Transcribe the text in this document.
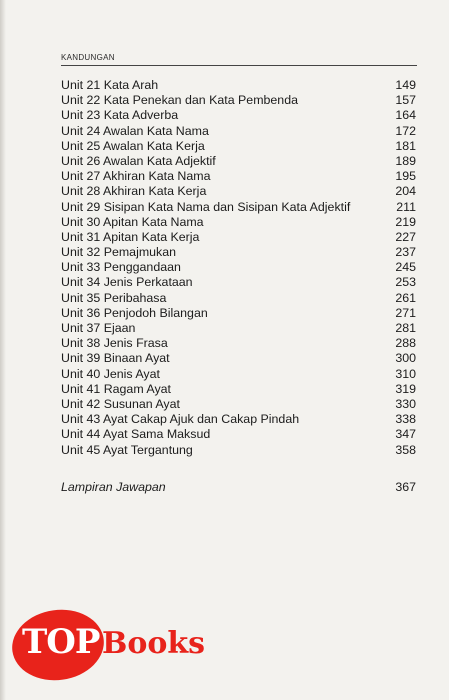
KANDUNGAN
Unit 21 Kata Arah	149
Unit 22 Kata Penekan dan Kata Pembenda	157
Unit 23 Kata Adverba	164
Unit 24 Awalan Kata Nama	172
Unit 25 Awalan Kata Kerja	181
Unit 26 Awalan Kata Adjektif	189
Unit 27 Akhiran Kata Nama	195
Unit 28 Akhiran Kata Kerja	204
Unit 29 Sisipan Kata Nama dan Sisipan Kata Adjektif	211
Unit 30 Apitan Kata Nama	219
Unit 31 Apitan Kata Kerja	227
Unit 32 Pemajmukan	237
Unit 33 Penggandaan	245
Unit 34 Jenis Perkataan	253
Unit 35 Peribahasa	261
Unit 36 Penjodoh Bilangan	271
Unit 37 Ejaan	281
Unit 38 Jenis Frasa	288
Unit 39 Binaan Ayat	300
Unit 40 Jenis Ayat	310
Unit 41 Ragam Ayat	319
Unit 42 Susunan Ayat	330
Unit 43 Ayat Cakap Ajuk dan Cakap Pindah	338
Unit 44 Ayat Sama Maksud	347
Unit 45 Ayat Tergantung	358
Lampiran Jawapan	367
TOP Books
